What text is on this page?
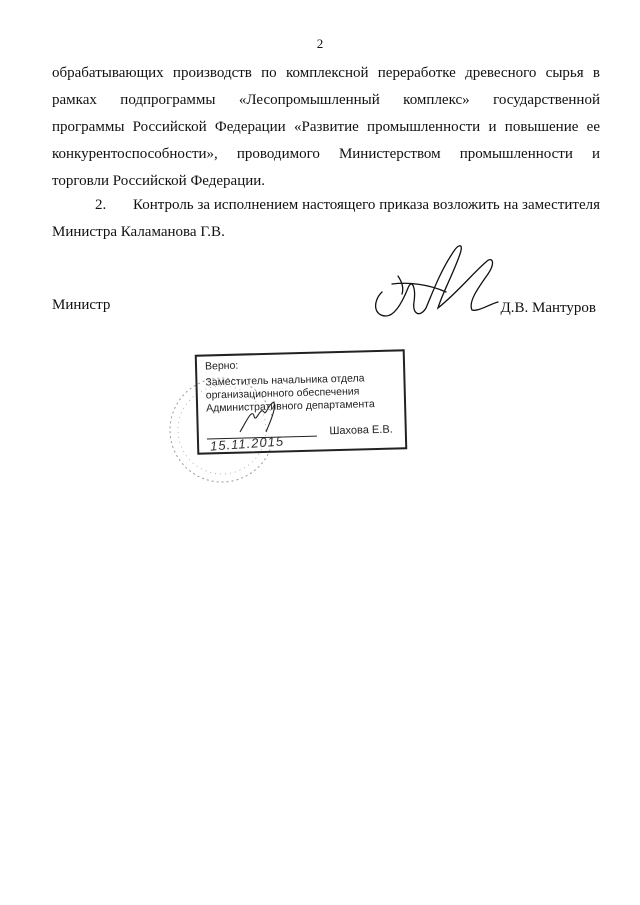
2
обрабатывающих производств по комплексной переработке древесного сырья в
рамках подпрограммы «Лесопромышленный комплекс» государственной
программы Российской Федерации «Развитие промышленности и повышение ее
конкурентоспособности», проводимого Министерством промышленности и
торговли Российской Федерации.
2. Контроль за исполнением настоящего приказа возложить на заместителя
Министра Каламанова Г.В.
Министр	Д.В. Мантуров
Верно:
Заместитель начальника отдела
организационного обеспечения
Административного департамента
Шахова Е.В.
15.11.2015
